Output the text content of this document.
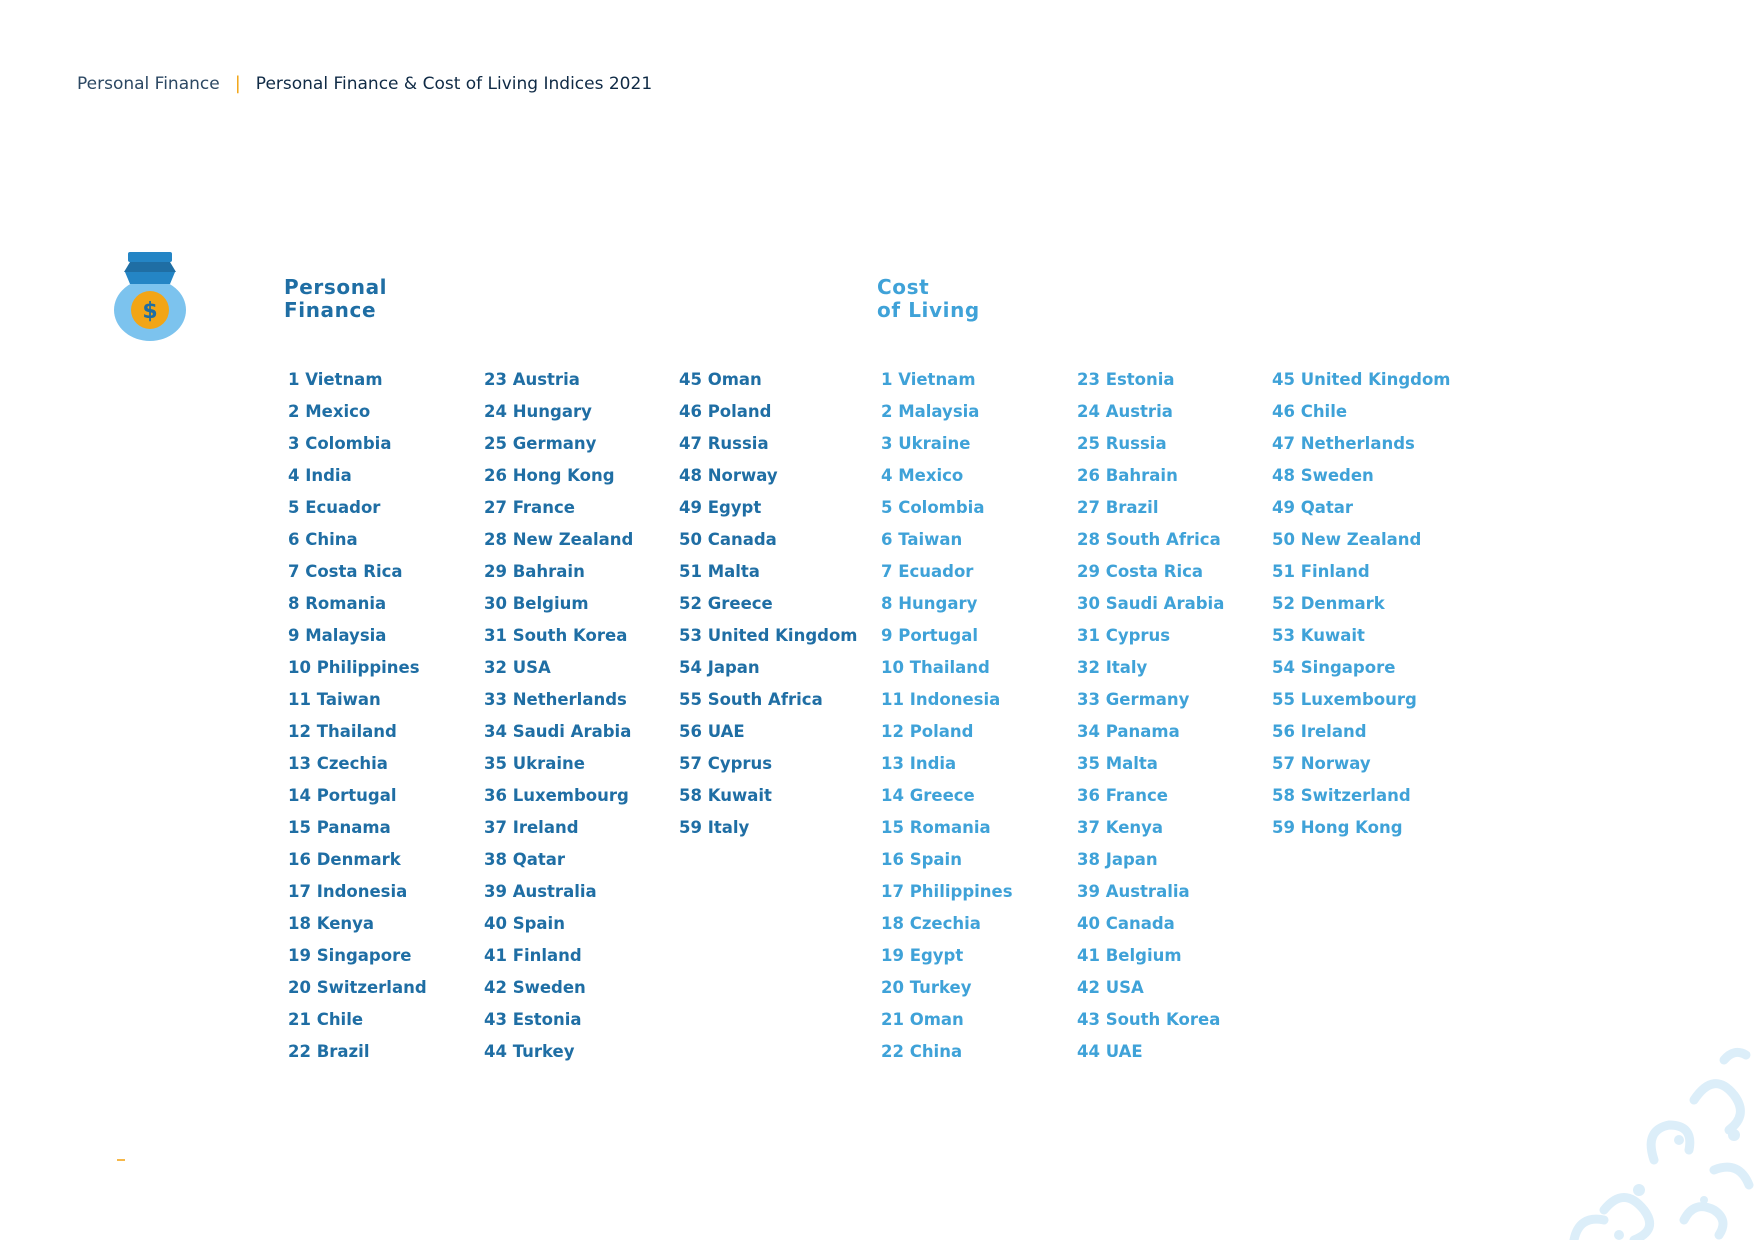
Personal Finance | Personal Finance & Cost of Living Indices 2021
$
Personal
Finance
Cost
of Living
1 Vietnam
2 Mexico
3 Colombia
4 India
5 Ecuador
6 China
7 Costa Rica
8 Romania
9 Malaysia
10 Philippines
11 Taiwan
12 Thailand
13 Czechia
14 Portugal
15 Panama
16 Denmark
17 Indonesia
18 Kenya
19 Singapore
20 Switzerland
21 Chile
22 Brazil
23 Austria
24 Hungary
25 Germany
26 Hong Kong
27 France
28 New Zealand
29 Bahrain
30 Belgium
31 South Korea
32 USA
33 Netherlands
34 Saudi Arabia
35 Ukraine
36 Luxembourg
37 Ireland
38 Qatar
39 Australia
40 Spain
41 Finland
42 Sweden
43 Estonia
44 Turkey
45 Oman
46 Poland
47 Russia
48 Norway
49 Egypt
50 Canada
51 Malta
52 Greece
53 United Kingdom
54 Japan
55 South Africa
56 UAE
57 Cyprus
58 Kuwait
59 Italy
1 Vietnam
2 Malaysia
3 Ukraine
4 Mexico
5 Colombia
6 Taiwan
7 Ecuador
8 Hungary
9 Portugal
10 Thailand
11 Indonesia
12 Poland
13 India
14 Greece
15 Romania
16 Spain
17 Philippines
18 Czechia
19 Egypt
20 Turkey
21 Oman
22 China
23 Estonia
24 Austria
25 Russia
26 Bahrain
27 Brazil
28 South Africa
29 Costa Rica
30 Saudi Arabia
31 Cyprus
32 Italy
33 Germany
34 Panama
35 Malta
36 France
37 Kenya
38 Japan
39 Australia
40 Canada
41 Belgium
42 USA
43 South Korea
44 UAE
45 United Kingdom
46 Chile
47 Netherlands
48 Sweden
49 Qatar
50 New Zealand
51 Finland
52 Denmark
53 Kuwait
54 Singapore
55 Luxembourg
56 Ireland
57 Norway
58 Switzerland
59 Hong Kong
